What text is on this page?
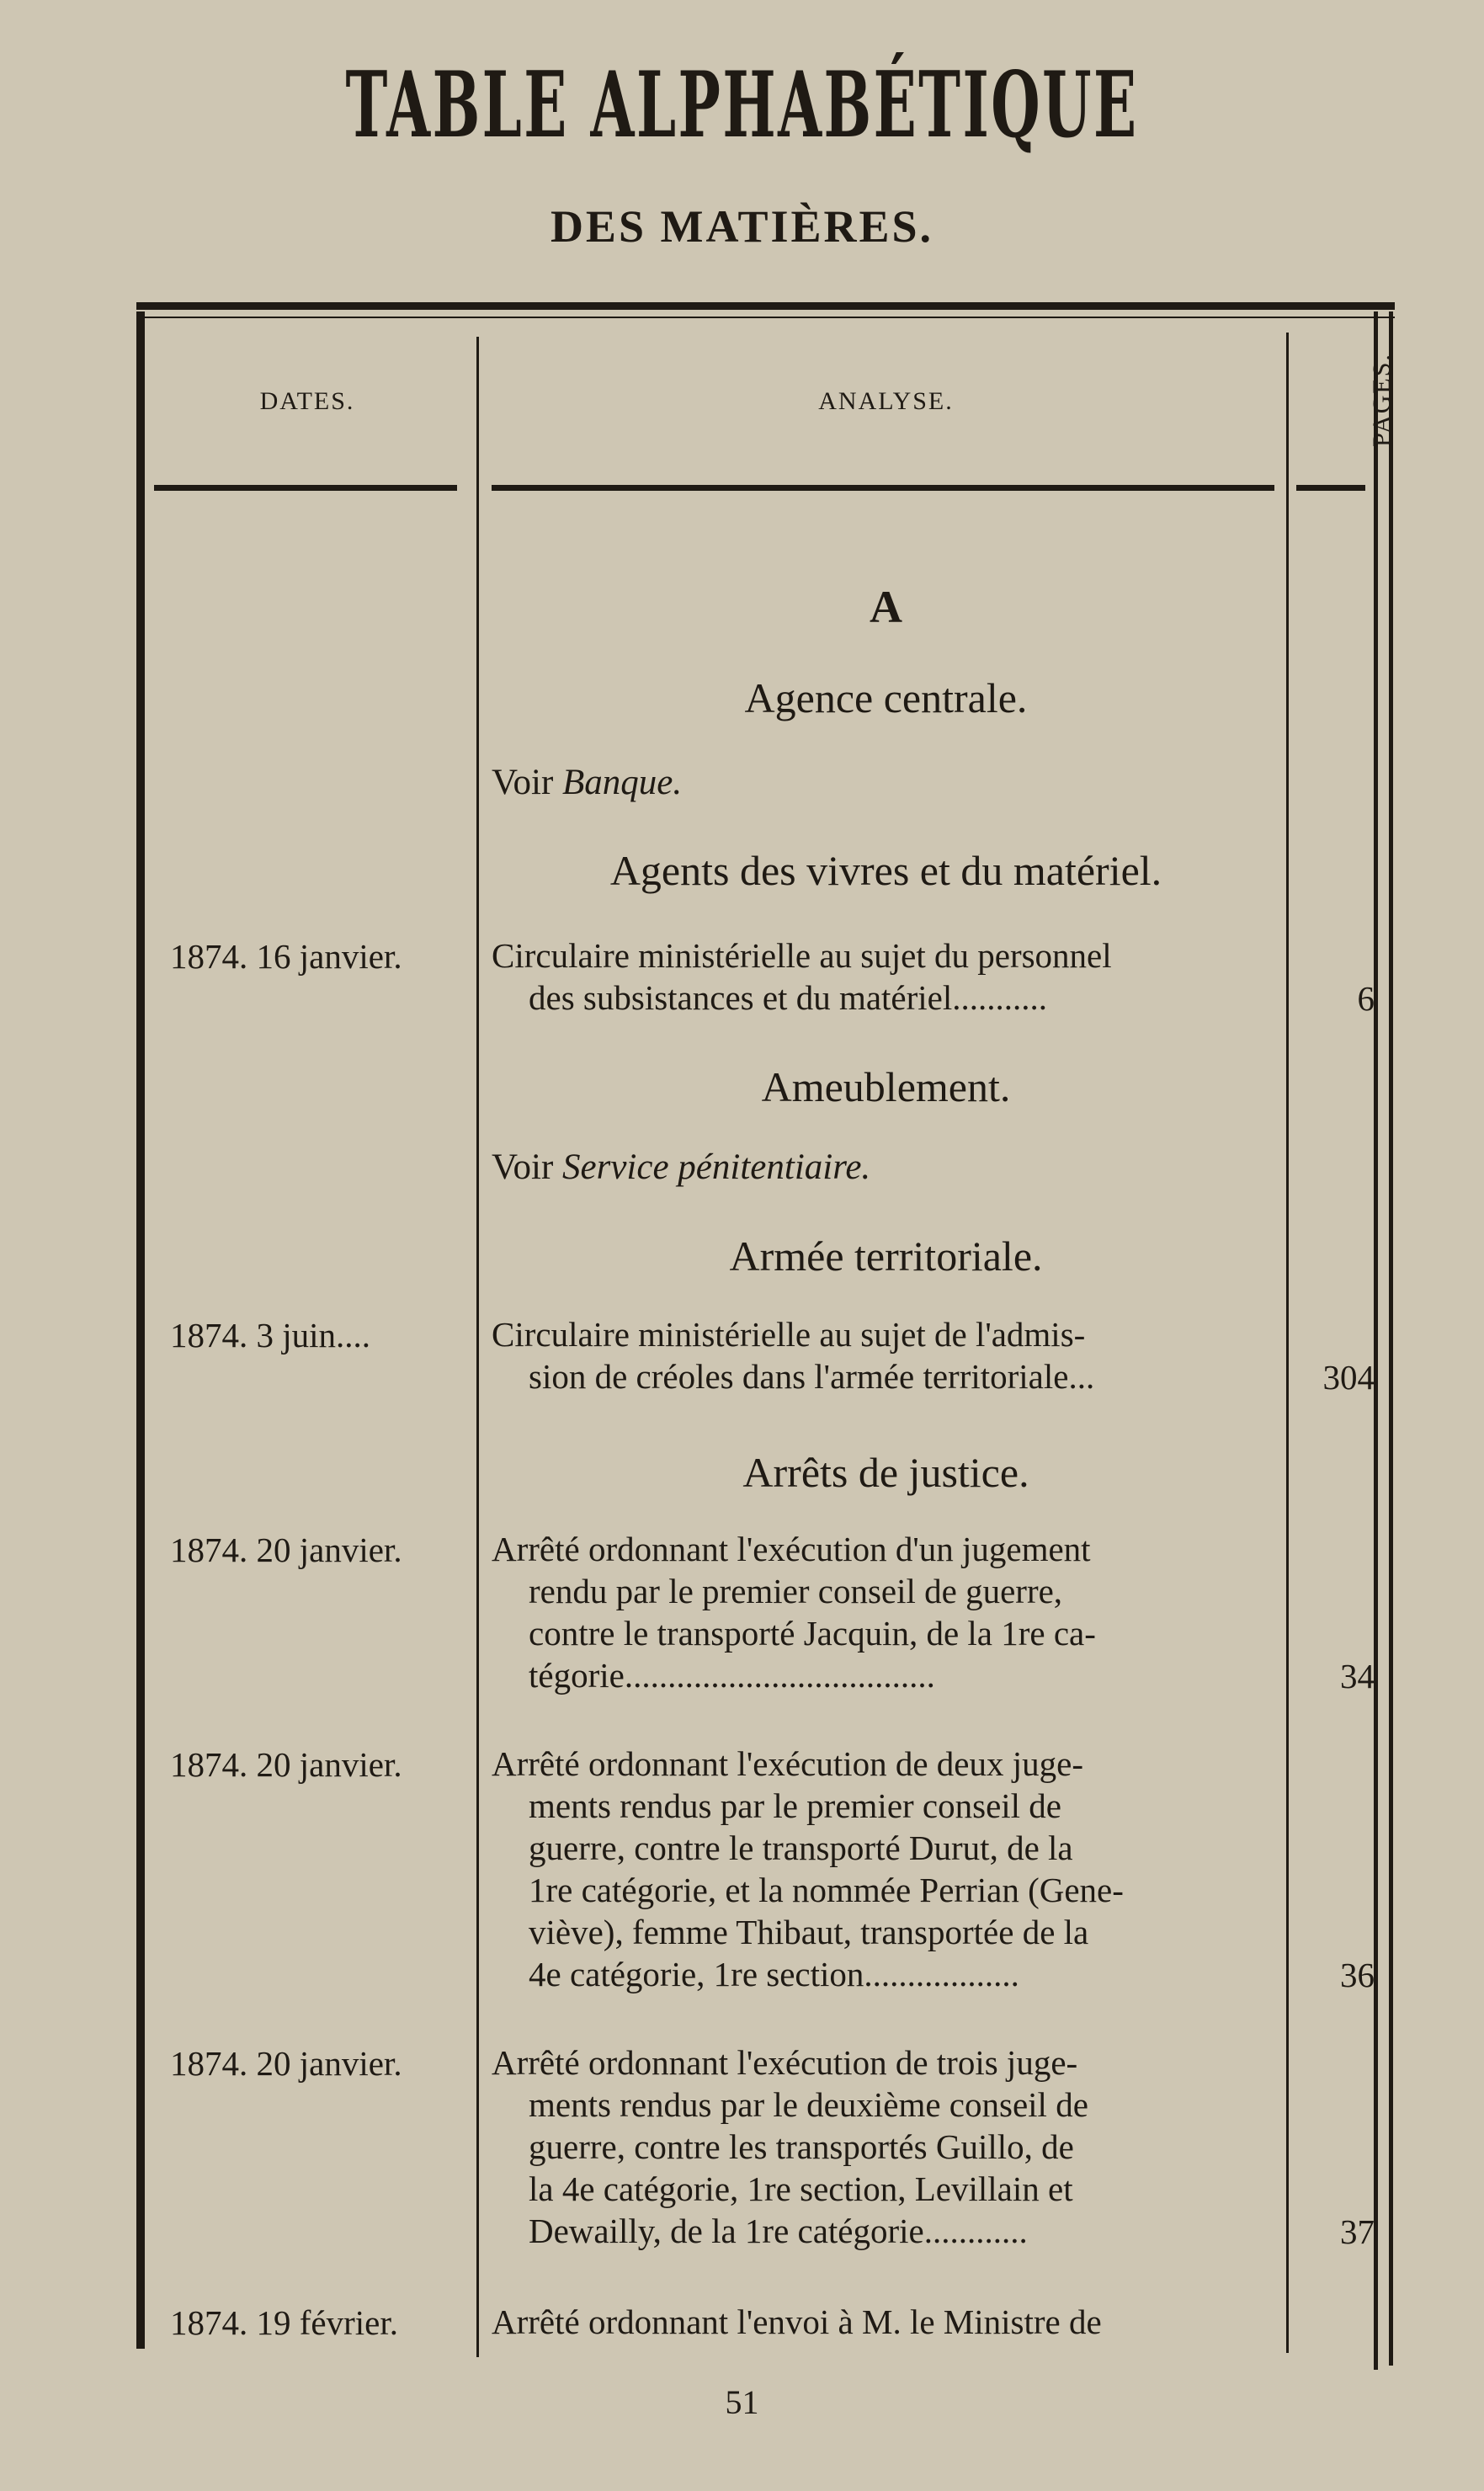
TABLE ALPHABÉTIQUE
DES MATIÈRES.
DATES.	ANALYSE.	PAGES.
A
Agence centrale.
Voir Banque.
Agents des vivres et du matériel.
1874. 16 janvier.	Circulaire ministérielle au sujet du personnel
des subsistances et du matériel...........	6
Ameublement.
Voir Service pénitentiaire.
Armée territoriale.
1874. 3 juin....	Circulaire ministérielle au sujet de l'admis-
sion de créoles dans l'armée territoriale...	304
Arrêts de justice.
1874. 20 janvier.	Arrêté ordonnant l'exécution d'un jugement
rendu par le premier conseil de guerre,
contre le transporté Jacquin, de la 1re ca-
tégorie....................................	34
1874. 20 janvier.	Arrêté ordonnant l'exécution de deux juge-
ments rendus par le premier conseil de
guerre, contre le transporté Durut, de la
1re catégorie, et la nommée Perrian (Gene-
viève), femme Thibaut, transportée de la
4e catégorie, 1re section..................	36
1874. 20 janvier.	Arrêté ordonnant l'exécution de trois juge-
ments rendus par le deuxième conseil de
guerre, contre les transportés Guillo, de
la 4e catégorie, 1re section, Levillain et
Dewailly, de la 1re catégorie............	37
1874. 19 février.	Arrêté ordonnant l'envoi à M. le Ministre de
51
